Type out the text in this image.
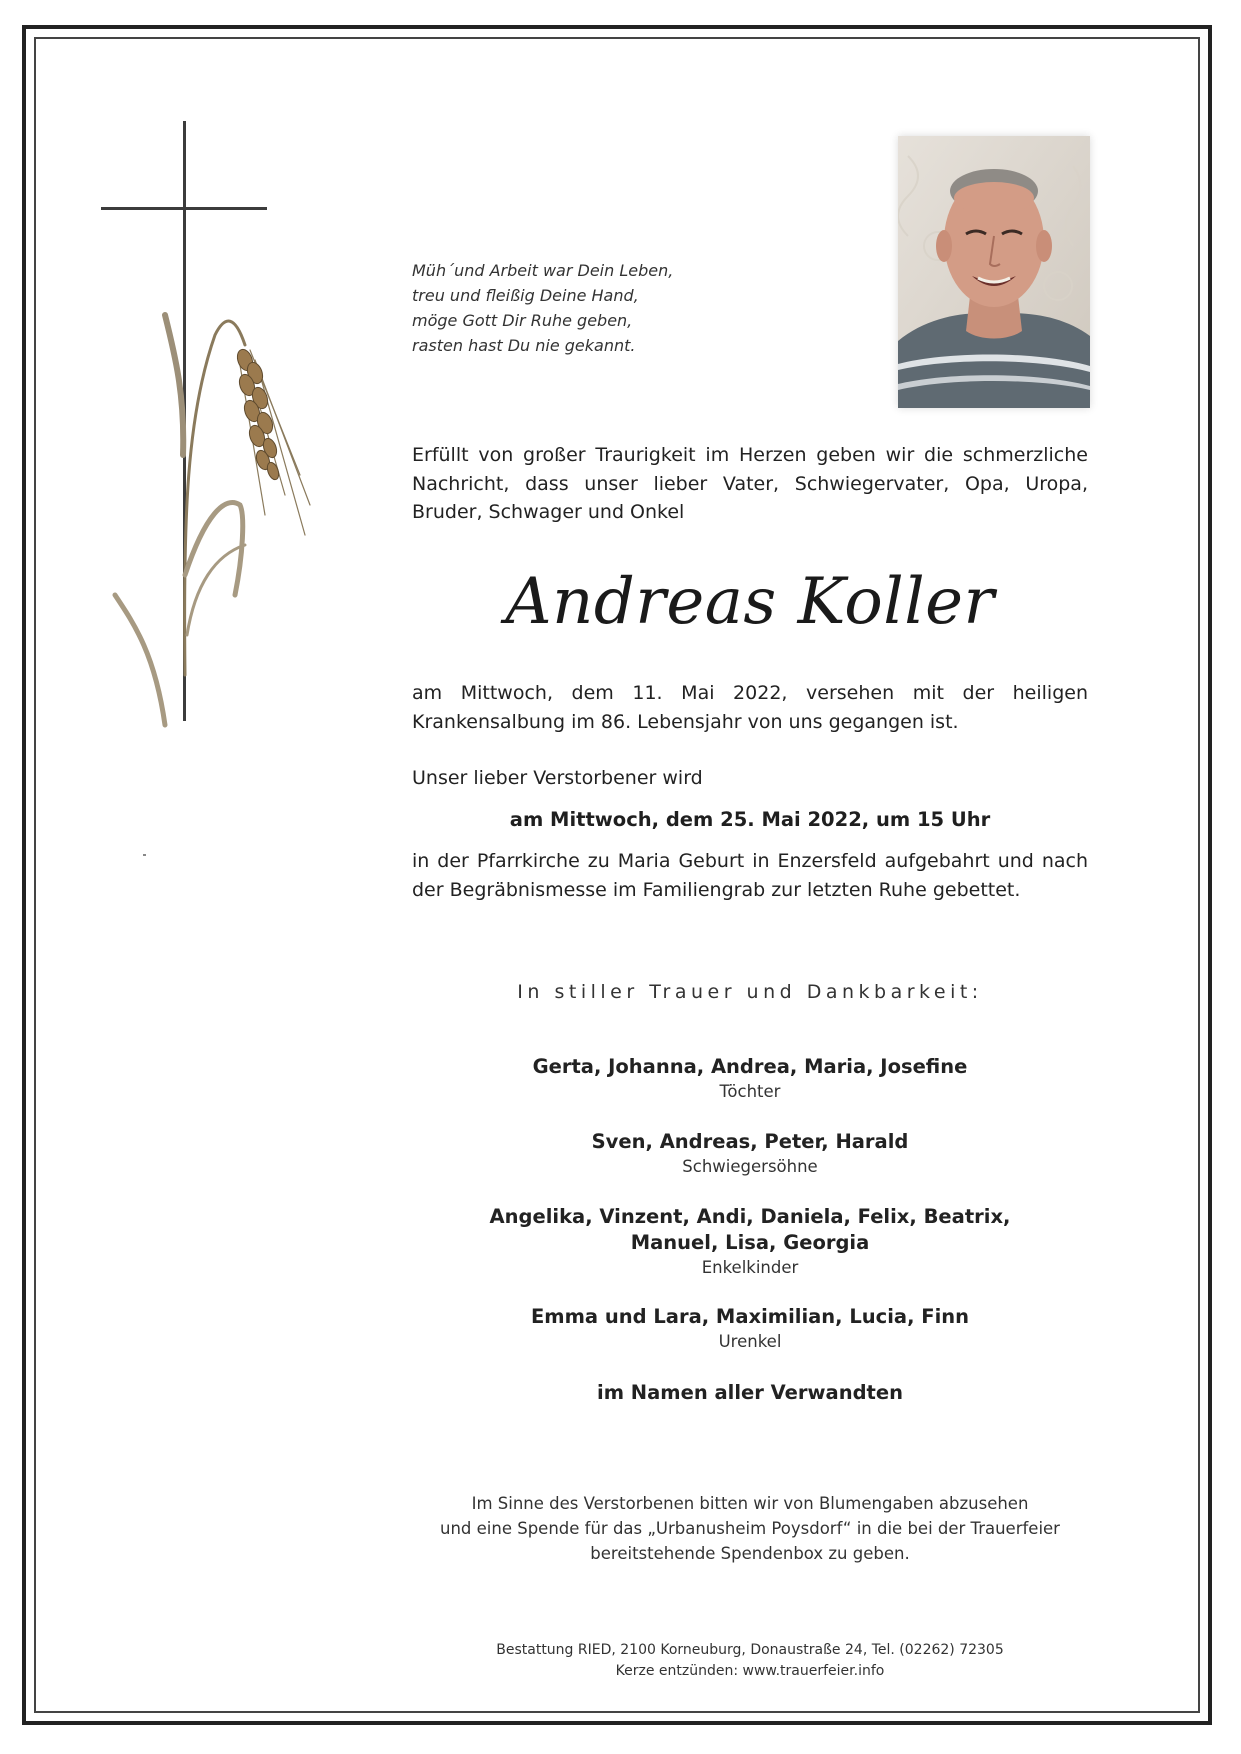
Müh´und Arbeit war Dein Leben,
treu und fleißig Deine Hand,
möge Gott Dir Ruhe geben,
rasten hast Du nie gekannt.
Erfüllt von großer Traurigkeit im Herzen geben wir die schmerzliche Nachricht, dass unser lieber Vater, Schwiegervater, Opa, Uropa, Bruder, Schwager und Onkel
Andreas Koller
am Mittwoch, dem 11. Mai 2022, versehen mit der heiligen Krankensalbung im 86. Lebensjahr von uns gegangen ist.
Unser lieber Verstorbener wird
am Mittwoch, dem 25. Mai 2022, um 15 Uhr
in der Pfarrkirche zu Maria Geburt in Enzersfeld aufgebahrt und nach der Begräbnismesse im Familiengrab zur letzten Ruhe gebettet.
In stiller Trauer und Dankbarkeit:
Gerta, Johanna, Andrea, Maria, Josefine
Töchter
Sven, Andreas, Peter, Harald
Schwiegersöhne
Angelika, Vinzent, Andi, Daniela, Felix, Beatrix,
Manuel, Lisa, Georgia
Enkelkinder
Emma und Lara, Maximilian, Lucia, Finn
Urenkel
im Namen aller Verwandten
Im Sinne des Verstorbenen bitten wir von Blumengaben abzusehen
und eine Spende für das „Urbanusheim Poysdorf“ in die bei der Trauerfeier
bereitstehende Spendenbox zu geben.
Bestattung RIED, 2100 Korneuburg, Donaustraße 24, Tel. (02262) 72305
Kerze entzünden: www.trauerfeier.info
